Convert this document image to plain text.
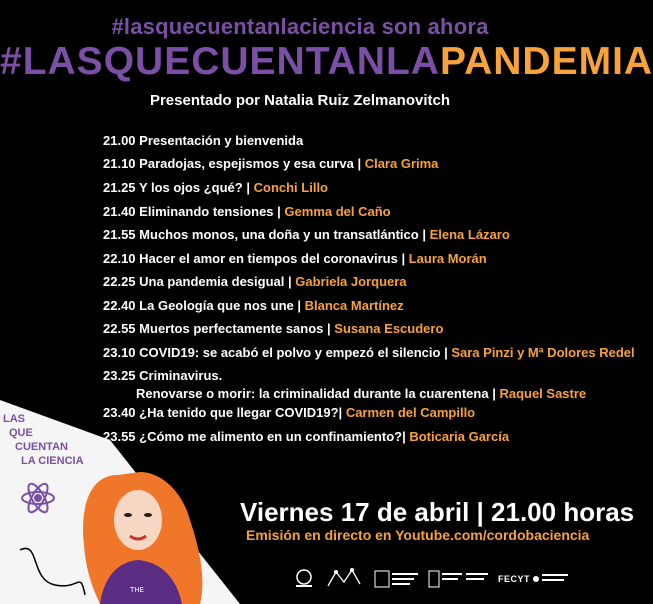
#lasquecuentanlaciencia son ahora
#LASQUECUENTANLAPANDEMIA
Presentado por Natalia Ruiz Zelmanovitch
21.00 Presentación y bienvenida
21.10 Paradojas, espejismos y esa curva | Clara Grima
21.25 Y los ojos ¿qué? | Conchi Lillo
21.40 Eliminando tensiones | Gemma del Caño
21.55 Muchos monos, una doña y un transatlántico | Elena Lázaro
22.10 Hacer el amor en tiempos del coronavirus | Laura Morán
22.25 Una pandemia desigual | Gabriela Jorquera
22.40 La Geología que nos une | Blanca Martínez
22.55 Muertos perfectamente sanos | Susana Escudero
23.10 COVID19: se acabó el polvo y empezó el silencio | Sara Pinzi y Mª Dolores Redel
23.25 Criminavirus.
Renovarse o morir: la criminalidad durante la cuarentena | Raquel Sastre
23.40 ¿Ha tenido que llegar COVID19?| Carmen del Campillo
23.55 ¿Cómo me alimento en un confinamiento?| Boticaria García
THE
LAS
QUE
CUENTAN
LA CIENCIA
Viernes 17 de abril | 21.00 horas
Emisión en directo en Youtube.com/cordobaciencia
FECYT
